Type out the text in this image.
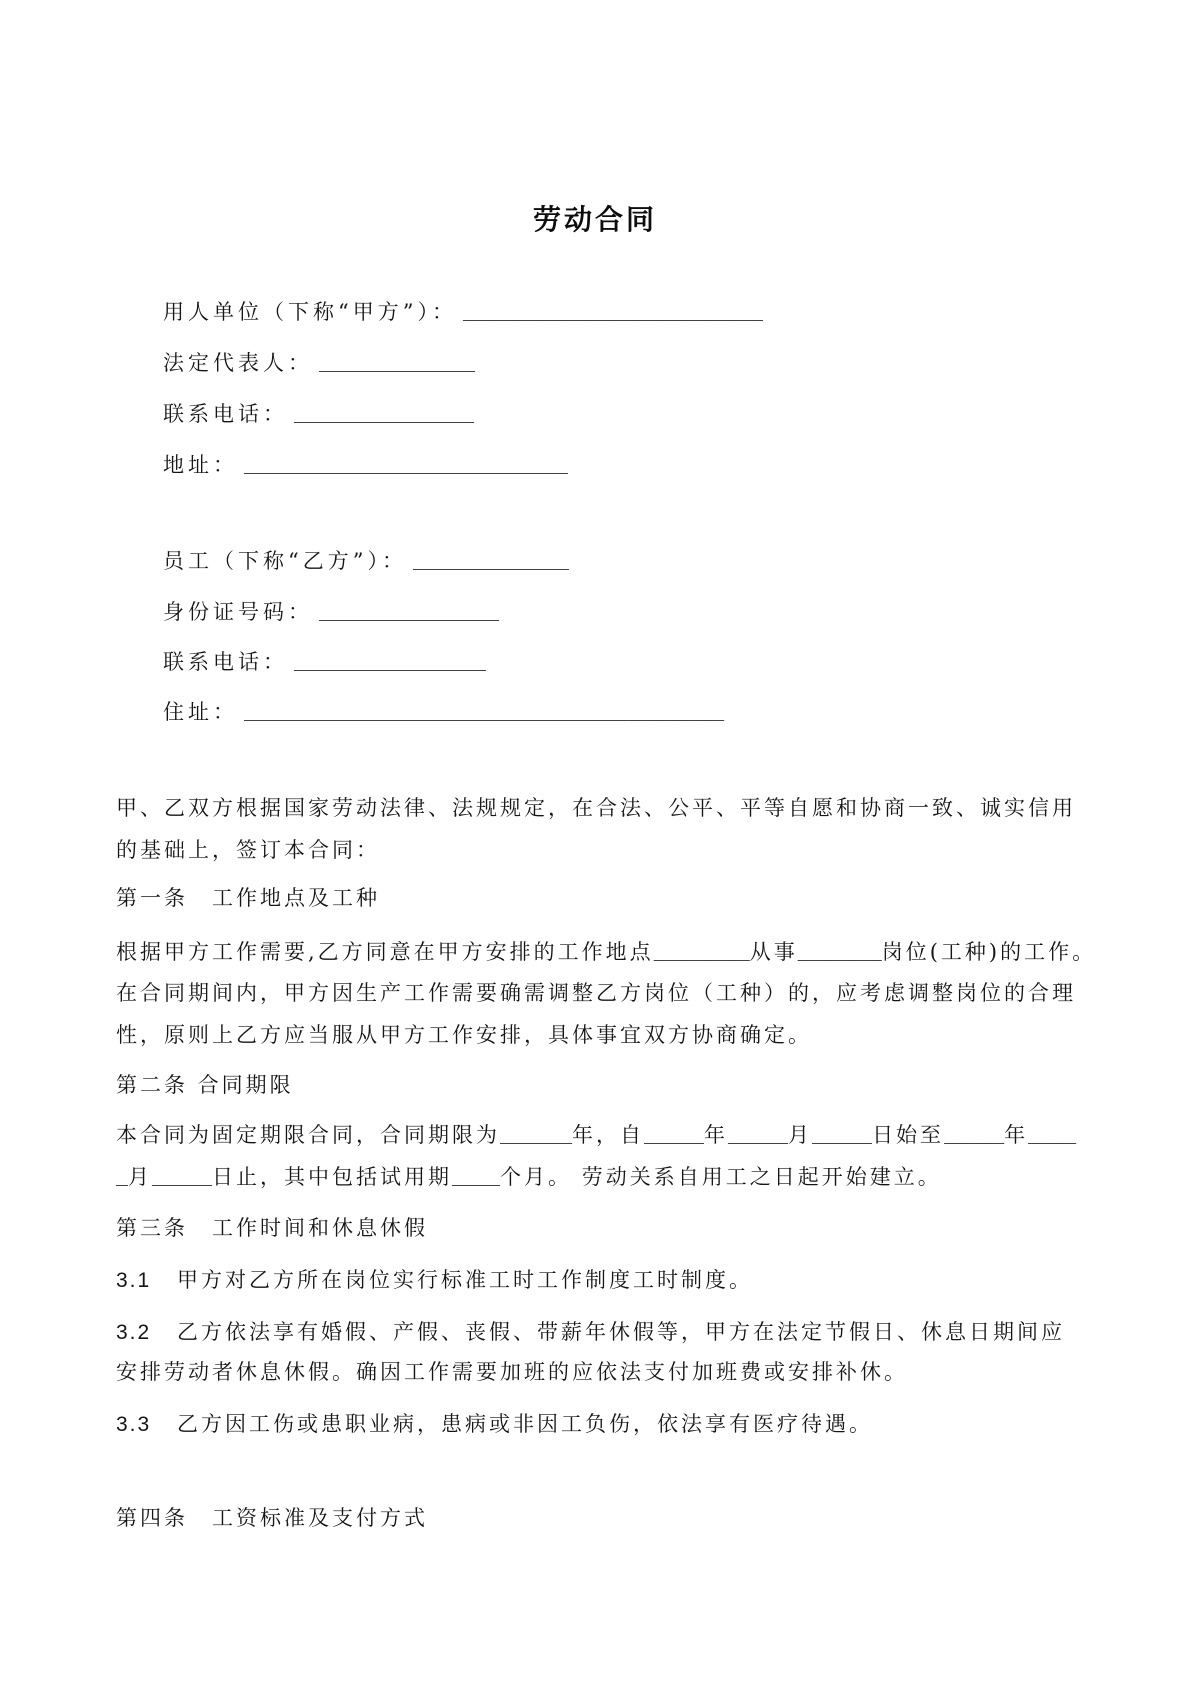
劳动合同
用人单位（下称“甲方”）： _________________________
法定代表人： _____________
联系电话： _______________
地址： ___________________________
员工（下称“乙方”）： _____________
身份证号码： _______________
联系电话： ________________
住址： ________________________________________
甲、乙双方根据国家劳动法律、法规规定，在合法、公平、平等自愿和协商一致、诚实信用
的基础上，签订本合同：
第一条　工作地点及工种
根据甲方工作需要,乙方同意在甲方安排的工作地点________从事_______岗位(工种)的工作。
在合同期间内，甲方因生产工作需要确需调整乙方岗位（工种）的，应考虑调整岗位的合理
性，原则上乙方应当服从甲方工作安排，具体事宜双方协商确定。
第二条 合同期限
本合同为固定期限合同，合同期限为______年，自_____年_____月_____日始至_____年____
_月_____日止，其中包括试用期____个月。 劳动关系自用工之日起开始建立。
第三条　工作时间和休息休假
3.1 甲方对乙方所在岗位实行标准工时工作制度工时制度。
3.2 乙方依法享有婚假、产假、丧假、带薪年休假等，甲方在法定节假日、休息日期间应
安排劳动者休息休假。确因工作需要加班的应依法支付加班费或安排补休。
3.3 乙方因工伤或患职业病，患病或非因工负伤，依法享有医疗待遇。
第四条　工资标准及支付方式
